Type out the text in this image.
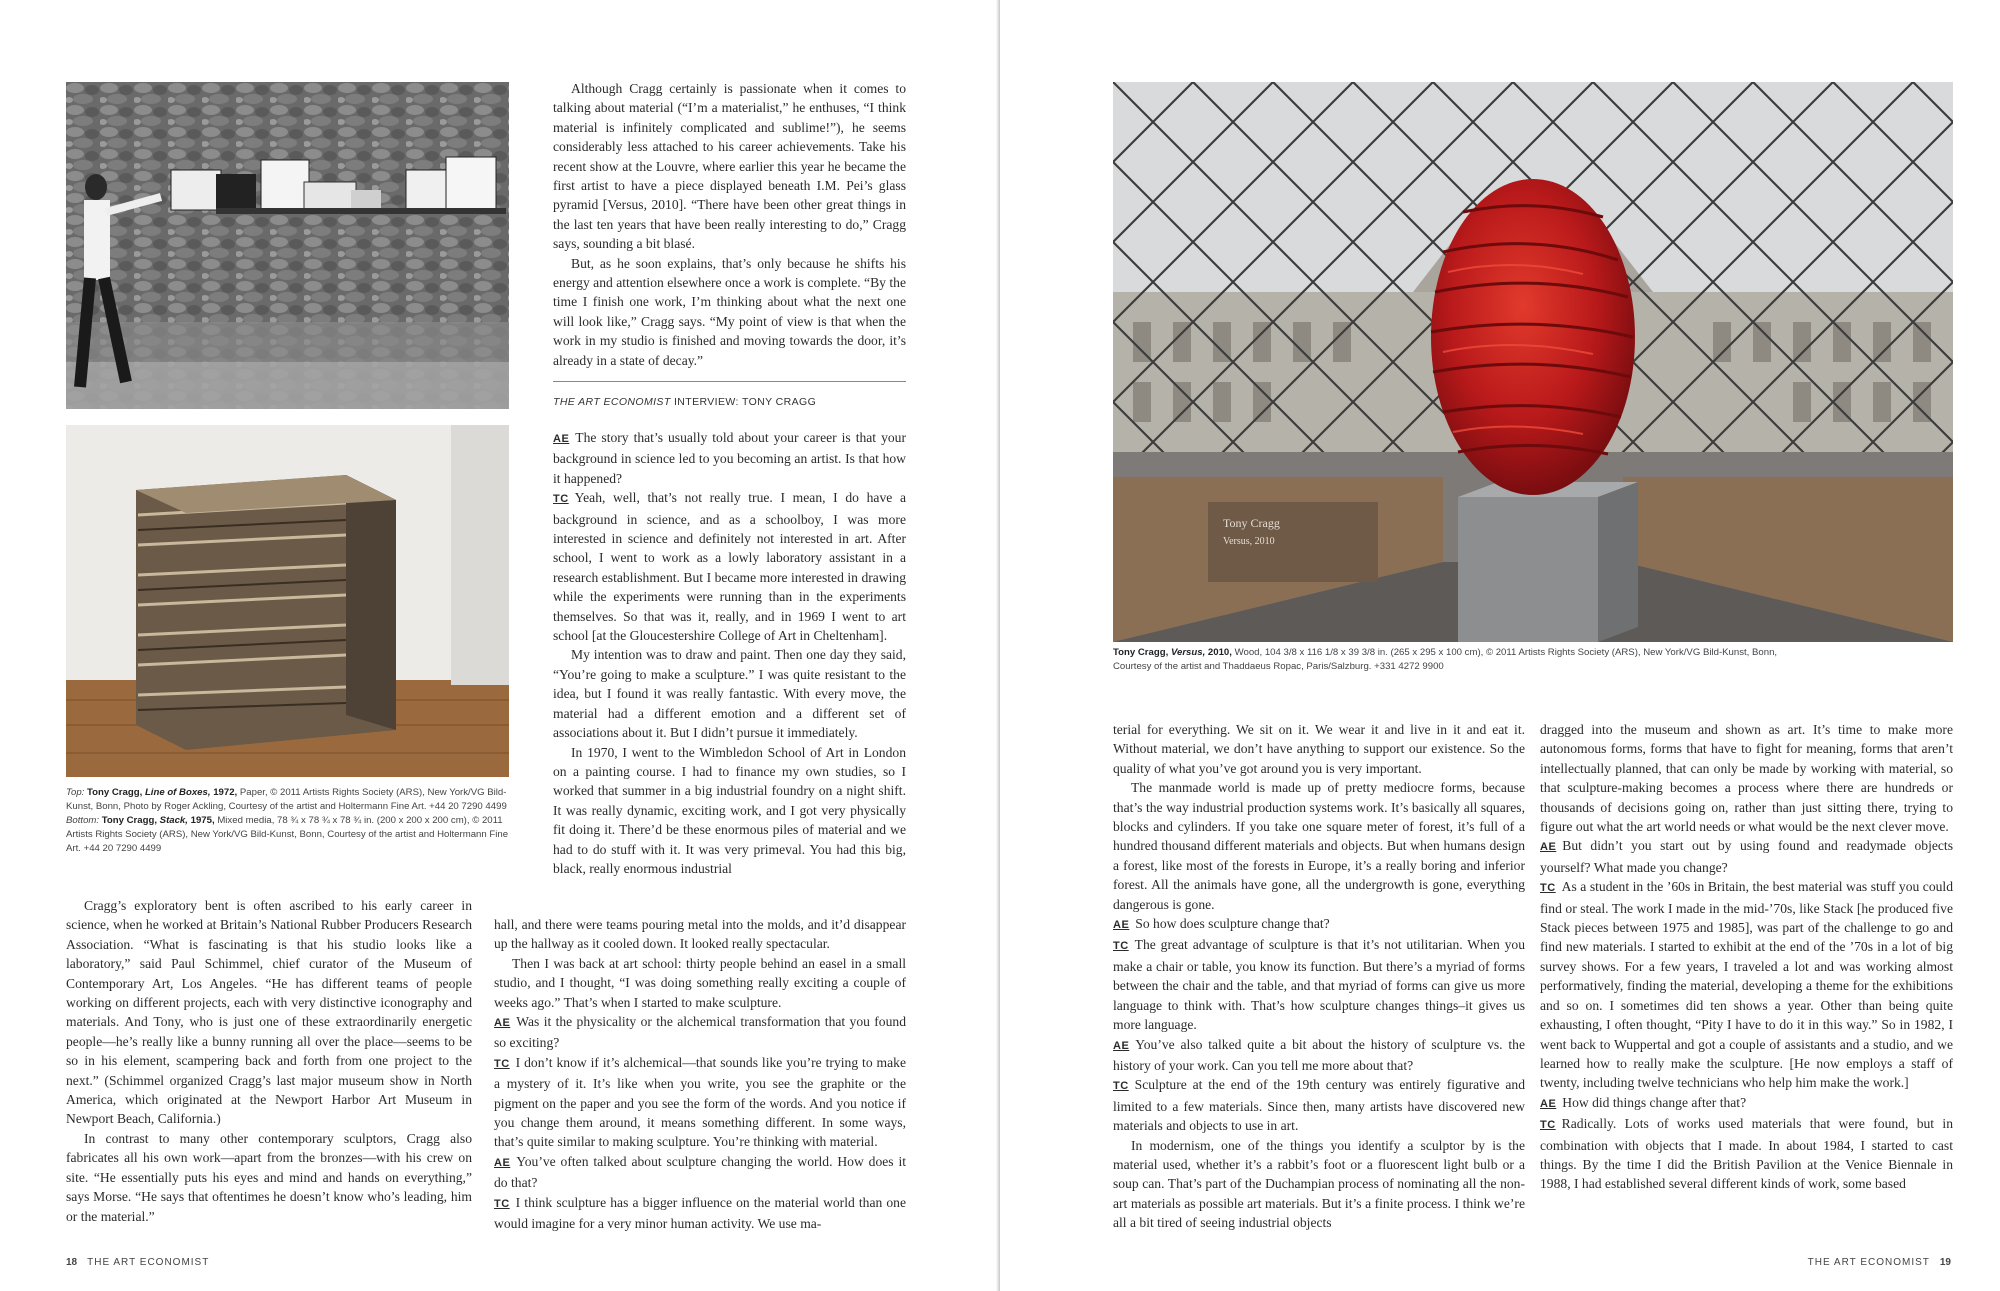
Top: Tony Cragg, Line of Boxes, 1972, Paper, © 2011 Artists Rights Society (ARS), New York/VG Bild-Kunst, Bonn, Photo by Roger Ackling, Courtesy of the artist and Holtermann Fine Art. +44 20 7290 4499 Bottom: Tony Cragg, Stack, 1975, Mixed media, 78 ¾ x 78 ¾ x 78 ¾ in. (200 x 200 x 200 cm), © 2011 Artists Rights Society (ARS), New York/VG Bild-Kunst, Bonn, Courtesy of the artist and Holtermann Fine Art. +44 20 7290 4499

Cragg’s exploratory bent is often ascribed to his early career in science, when he worked at Britain’s National Rubber Producers Research Association. “What is fascinating is that his studio looks like a laboratory,” said Paul Schimmel, chief curator of the Museum of Contemporary Art, Los Angeles. “He has different teams of people working on different projects, each with very distinctive iconography and materials. And Tony, who is just one of these extraordinarily energetic people—he’s really like a bunny running all over the place—seems to be so in his element, scampering back and forth from one project to the next.” (Schimmel organized Cragg’s last major museum show in North America, which originated at the Newport Harbor Art Museum in Newport Beach, California.)

In contrast to many other contemporary sculptors, Cragg also fabricates all his own work—apart from the bronzes—with his crew on site. “He essentially puts his eyes and mind and hands on everything,” says Morse. “He says that oftentimes he doesn’t know who’s leading, him or the material.”

Although Cragg certainly is passionate when it comes to talking about material (“I’m a materialist,” he enthuses, “I think material is infinitely complicated and sublime!”), he seems considerably less attached to his career achievements. Take his recent show at the Louvre, where earlier this year he became the first artist to have a piece displayed beneath I.M. Pei’s glass pyramid [Versus, 2010]. “There have been other great things in the last ten years that have been really interesting to do,” Cragg says, sounding a bit blasé.

But, as he soon explains, that’s only because he shifts his energy and attention elsewhere once a work is complete. “By the time I finish one work, I’m thinking about what the next one will look like,” Cragg says. “My point of view is that when the work in my studio is finished and moving towards the door, it’s already in a state of decay.”

THE ART ECONOMIST INTERVIEW: TONY CRAGG

AE The story that’s usually told about your career is that your background in science led to you becoming an artist. Is that how it happened?

TC Yeah, well, that’s not really true. I mean, I do have a background in science, and as a schoolboy, I was more interested in science and definitely not interested in art. After school, I went to work as a lowly laboratory assistant in a research establishment. But I became more interested in drawing while the experiments were running than in the experiments themselves. So that was it, really, and in 1969 I went to art school [at the Gloucestershire College of Art in Cheltenham].

My intention was to draw and paint. Then one day they said, “You’re going to make a sculpture.” I was quite resistant to the idea, but I found it was really fantastic. With every move, the material had a different emotion and a different set of associations about it. But I didn’t pursue it immediately.

In 1970, I went to the Wimbledon School of Art in London on a painting course. I had to finance my own studies, so I worked that summer in a big industrial foundry on a night shift. It was really dynamic, exciting work, and I got very physically fit doing it. There’d be these enormous piles of material and we had to do stuff with it. It was very primeval. You had this big, black, really enormous industrial

hall, and there were teams pouring metal into the molds, and it’d disappear up the hallway as it cooled down. It looked really spectacular.

Then I was back at art school: thirty people behind an easel in a small studio, and I thought, “I was doing something really exciting a couple of weeks ago.” That’s when I started to make sculpture.

AE Was it the physicality or the alchemical transformation that you found so exciting?

TC I don’t know if it’s alchemical—that sounds like you’re trying to make a mystery of it. It’s like when you write, you see the graphite or the pigment on the paper and you see the form of the words. And you notice if you change them around, it means something different. In some ways, that’s quite similar to making sculpture. You’re thinking with material.

AE You’ve often talked about sculpture changing the world. How does it do that?

TC I think sculpture has a bigger influence on the material world than one would imagine for a very minor human activity. We use ma-

18 THE ART ECONOMIST
Tony Cragg
Versus, 2010
Tony Cragg, Versus, 2010, Wood, 104 3/8 x 116 1/8 x 39 3/8 in. (265 x 295 x 100 cm), © 2011 Artists Rights Society (ARS), New York/VG Bild-Kunst, Bonn,
Courtesy of the artist and Thaddaeus Ropac, Paris/Salzburg. +331 4272 9900

terial for everything. We sit on it. We wear it and live in it and eat it. Without material, we don’t have anything to support our existence. So the quality of what you’ve got around you is very important.

The manmade world is made up of pretty mediocre forms, because that’s the way industrial production systems work. It’s basically all squares, blocks and cylinders. If you take one square meter of forest, it’s full of a hundred thousand different materials and objects. But when humans design a forest, like most of the forests in Europe, it’s a really boring and inferior forest. All the animals have gone, all the undergrowth is gone, everything dangerous is gone.

AE So how does sculpture change that?

TC The great advantage of sculpture is that it’s not utilitarian. When you make a chair or table, you know its function. But there’s a myriad of forms between the chair and the table, and that myriad of forms can give us more language to think with. That’s how sculpture changes things–it gives us more language.

AE You’ve also talked quite a bit about the history of sculpture vs. the history of your work. Can you tell me more about that?

TC Sculpture at the end of the 19th century was entirely figurative and limited to a few materials. Since then, many artists have discovered new materials and objects to use in art.

In modernism, one of the things you identify a sculptor by is the material used, whether it’s a rabbit’s foot or a fluorescent light bulb or a soup can. That’s part of the Duchampian process of nominating all the non-art materials as possible art materials. But it’s a finite process. I think we’re all a bit tired of seeing industrial objects

dragged into the museum and shown as art. It’s time to make more autonomous forms, forms that have to fight for meaning, forms that aren’t intellectually planned, that can only be made by working with material, so that sculpture-making becomes a process where there are hundreds or thousands of decisions going on, rather than just sitting there, trying to figure out what the art world needs or what would be the next clever move.

AE But didn’t you start out by using found and readymade objects yourself? What made you change?

TC As a student in the ’60s in Britain, the best material was stuff you could find or steal. The work I made in the mid-’70s, like Stack [he produced five Stack pieces between 1975 and 1985], was part of the challenge to go and find new materials. I started to exhibit at the end of the ’70s in a lot of big survey shows. For a few years, I traveled a lot and was working almost performatively, finding the material, developing a theme for the exhibitions and so on. I sometimes did ten shows a year. Other than being quite exhausting, I often thought, “Pity I have to do it in this way.” So in 1982, I went back to Wuppertal and got a couple of assistants and a studio, and we learned how to really make the sculpture. [He now employs a staff of twenty, including twelve technicians who help him make the work.]

AE How did things change after that?

TC Radically. Lots of works used materials that were found, but in combination with objects that I made. In about 1984, I started to cast things. By the time I did the British Pavilion at the Venice Biennale in 1988, I had established several different kinds of work, some based

THE ART ECONOMIST 19
